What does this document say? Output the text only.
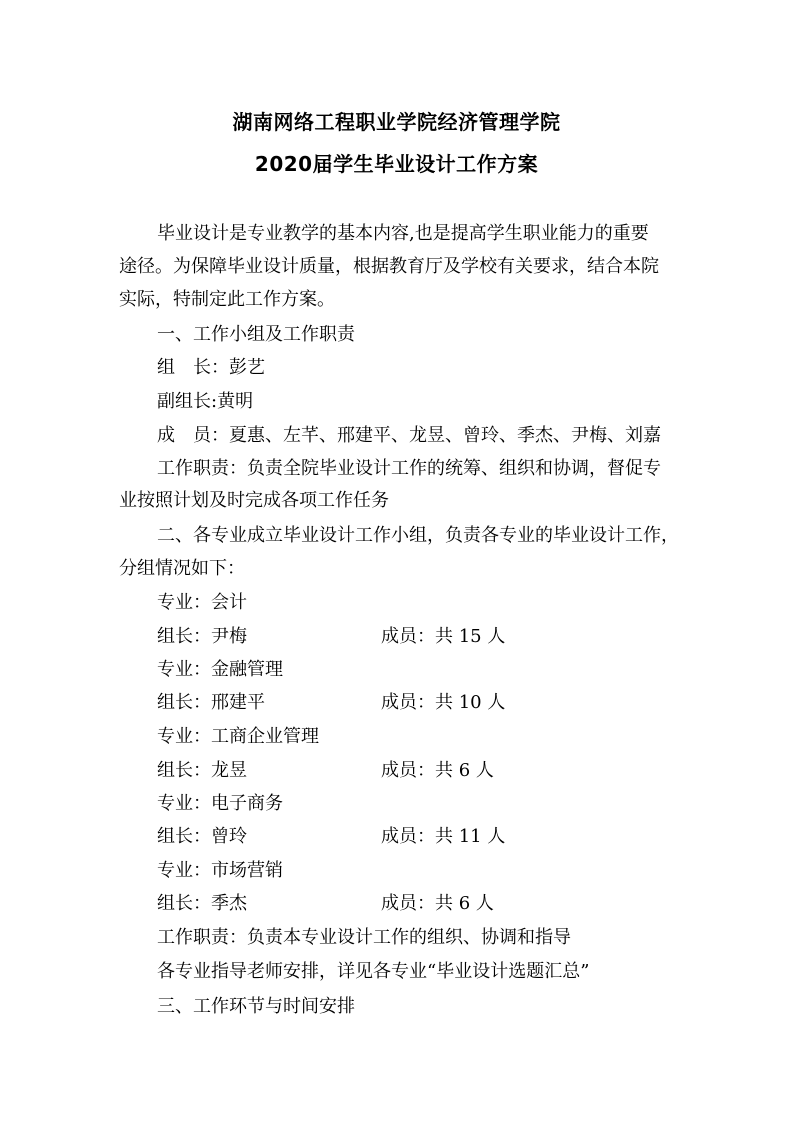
湖南网络工程职业学院经济管理学院
2020届学生毕业设计工作方案
毕业设计是专业教学的基本内容,也是提高学生职业能力的重要
途径。为保障毕业设计质量，根据教育厅及学校有关要求，结合本院
实际，特制定此工作方案。
一、工作小组及工作职责
组　长：彭艺
副组长:黄明
成　员：夏惠、左芊、邢建平、龙昱、曾玲、季杰、尹梅、刘嘉
工作职责：负责全院毕业设计工作的统筹、组织和协调，督促专
业按照计划及时完成各项工作任务
二、各专业成立毕业设计工作小组，负责各专业的毕业设计工作，
分组情况如下：
专业：会计
组长：尹梅	成员：共 15 人
专业：金融管理
组长：邢建平	成员：共 10 人
专业：工商企业管理
组长：龙昱	成员：共 6 人
专业：电子商务
组长：曾玲	成员：共 11 人
专业：市场营销
组长：季杰	成员：共 6 人
工作职责：负责本专业设计工作的组织、协调和指导
各专业指导老师安排，详见各专业“毕业设计选题汇总”
三、工作环节与时间安排
